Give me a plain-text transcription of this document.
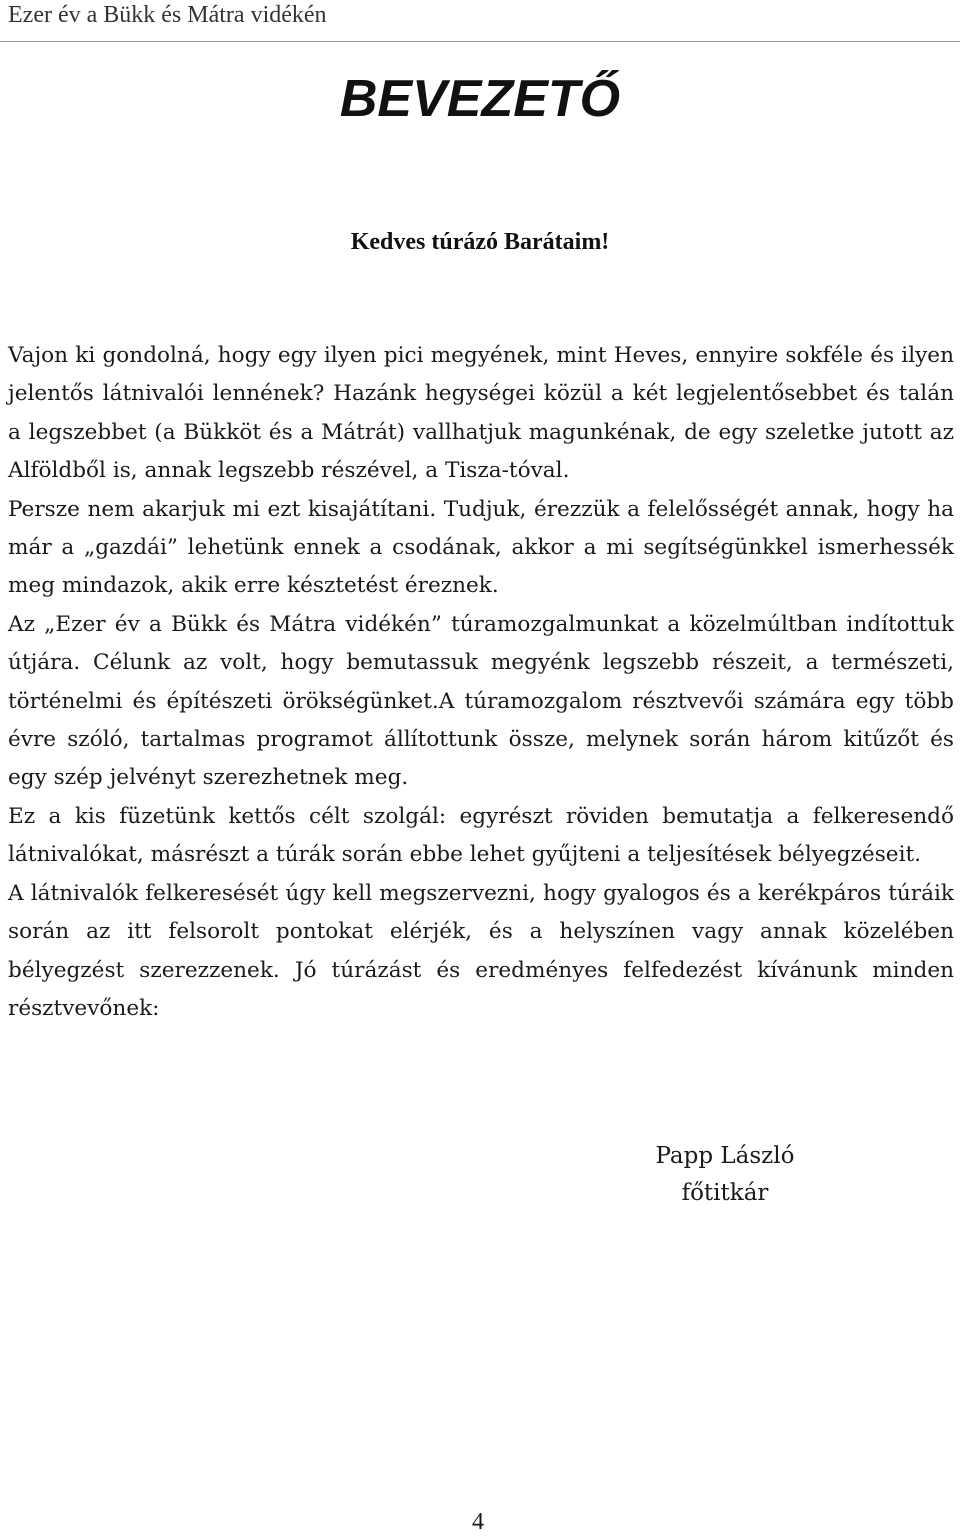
Ezer év a Bükk és Mátra vidékén
BEVEZETŐ
Kedves túrázó Barátaim!

Vajon ki gondolná, hogy egy ilyen pici megyének, mint Heves, ennyire sokféle és ilyen jelentős látnivalói lennének? Hazánk hegységei közül a két legjelentősebbet és talán a legszebbet (a Bükköt és a Mátrát) vallhatjuk magunkénak, de egy szeletke jutott az Alföldből is, annak legszebb részével, a Tisza-tóval.

Persze nem akarjuk mi ezt kisajátítani. Tudjuk, érezzük a felelősségét annak, hogy ha már a „gazdái” lehetünk ennek a csodának, akkor a mi segítségünkkel ismerhessék meg mindazok, akik erre késztetést éreznek.

Az „Ezer év a Bükk és Mátra vidékén” túramozgalmunkat a közelmúltban indítottuk útjára. Célunk az volt, hogy bemutassuk megyénk legszebb részeit, a természeti, történelmi és építészeti örökségünket.A túramozgalom résztvevői számára egy több évre szóló, tartalmas programot állítottunk össze, melynek során három kitűzőt és egy szép jelvényt szerezhetnek meg.

Ez a kis füzetünk kettős célt szolgál: egyrészt röviden bemutatja a felkeresendő látnivalókat, másrészt a túrák során ebbe lehet gyűjteni a teljesítések bélyegzéseit.

A látnivalók felkeresését úgy kell megszervezni, hogy gyalogos és a kerékpáros túráik során az itt felsorolt pontokat elérjék, és a helyszínen vagy annak közelében bélyegzést szerezzenek. Jó túrázást és eredményes felfedezést kívánunk minden résztvevőnek:

Papp László
főtitkár
4
